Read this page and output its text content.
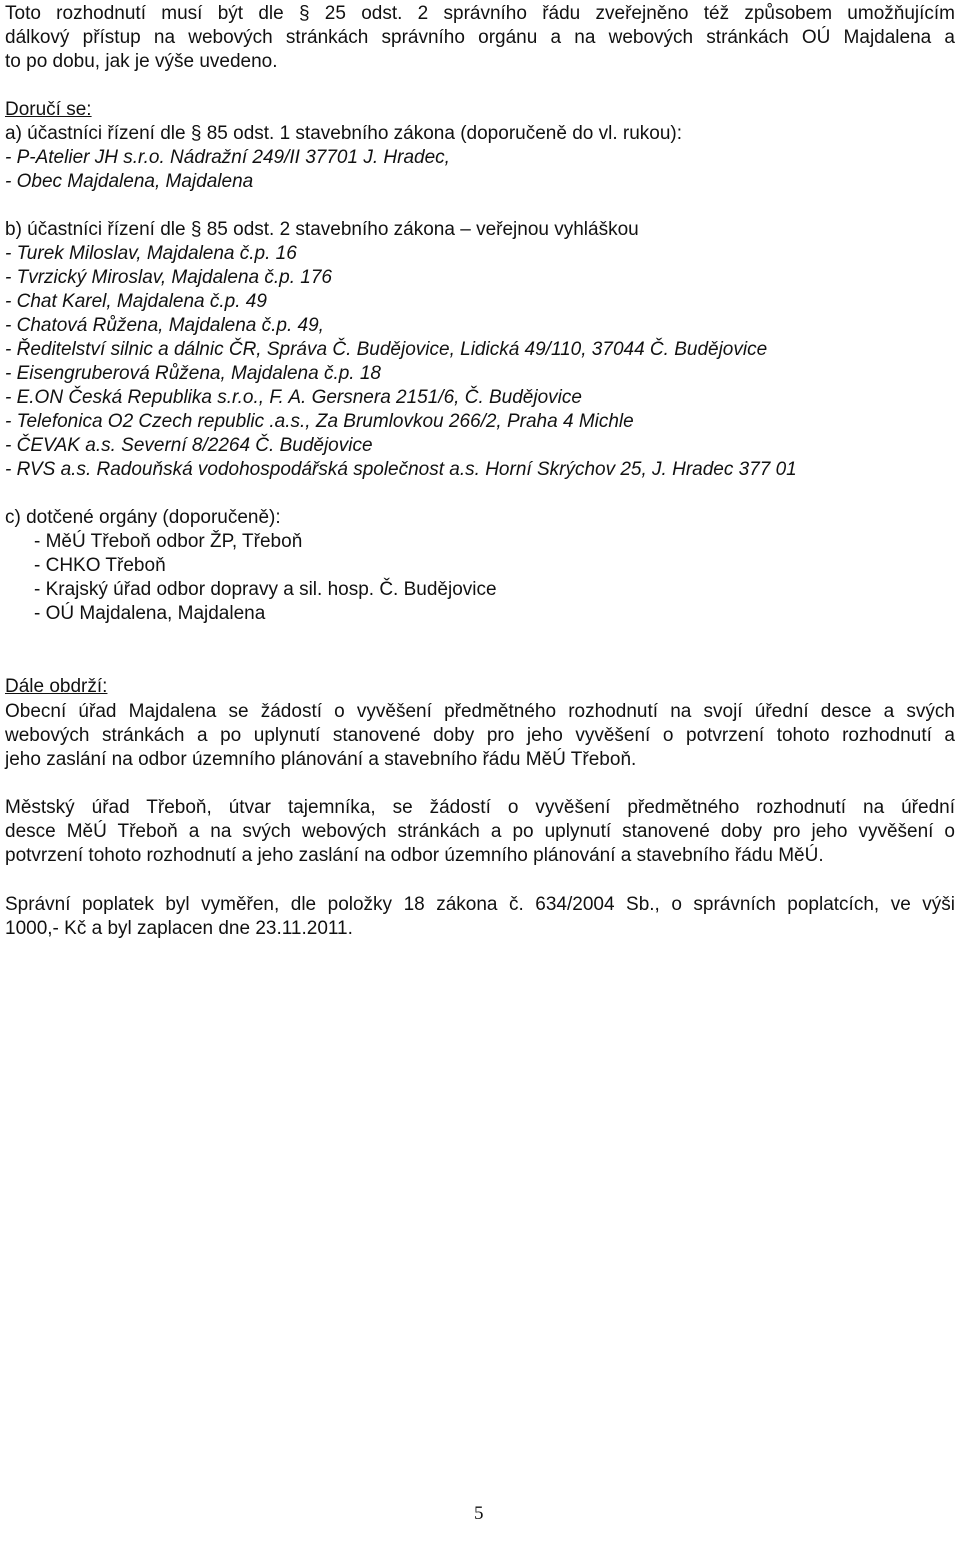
Toto rozhodnutí musí být dle § 25 odst. 2 správního řádu zveřejněno též způsobem umožňujícím
dálkový přístup na webových stránkách správního orgánu a na webových stránkách OÚ Majdalena a
to po dobu, jak je výše uvedeno.
Doručí se:
a) účastníci řízení dle § 85 odst. 1 stavebního zákona (doporučeně do vl. rukou):
- P-Atelier JH s.r.o. Nádražní 249/II 37701 J. Hradec,
- Obec Majdalena, Majdalena
b) účastníci řízení dle § 85 odst. 2 stavebního zákona – veřejnou vyhláškou
- Turek Miloslav, Majdalena č.p. 16
- Tvrzický Miroslav, Majdalena č.p. 176
- Chat Karel, Majdalena č.p. 49
- Chatová Růžena, Majdalena č.p. 49,
- Ředitelství silnic a dálnic ČR, Správa Č. Budějovice, Lidická 49/110, 37044 Č. Budějovice
- Eisengruberová Růžena, Majdalena č.p. 18
- E.ON Česká Republika s.r.o., F. A. Gersnera 2151/6, Č. Budějovice
- Telefonica O2 Czech republic .a.s., Za Brumlovkou 266/2, Praha 4 Michle
- ČEVAK a.s. Severní 8/2264 Č. Budějovice
- RVS a.s. Radouňská vodohospodářská společnost a.s. Horní Skrýchov 25, J. Hradec 377 01
c) dotčené orgány (doporučeně):
- MěÚ Třeboň odbor ŽP, Třeboň
- CHKO Třeboň
- Krajský úřad odbor dopravy a sil. hosp. Č. Budějovice
- OÚ Majdalena, Majdalena
Dále obdrží:
Obecní úřad Majdalena se žádostí o vyvěšení předmětného rozhodnutí na svojí úřední desce a svých
webových stránkách a po uplynutí stanovené doby pro jeho vyvěšení o potvrzení tohoto rozhodnutí a
jeho zaslání na odbor územního plánování a stavebního řádu MěÚ Třeboň.
Městský úřad Třeboň, útvar tajemníka, se žádostí o vyvěšení předmětného rozhodnutí na úřední
desce MěÚ Třeboň a na svých webových stránkách a po uplynutí stanovené doby pro jeho vyvěšení o
potvrzení tohoto rozhodnutí a jeho zaslání na odbor územního plánování a stavebního řádu MěÚ.
Správní poplatek byl vyměřen, dle položky 18 zákona č. 634/2004 Sb., o správních poplatcích, ve výši
1000,- Kč a byl zaplacen dne 23.11.2011.
5
